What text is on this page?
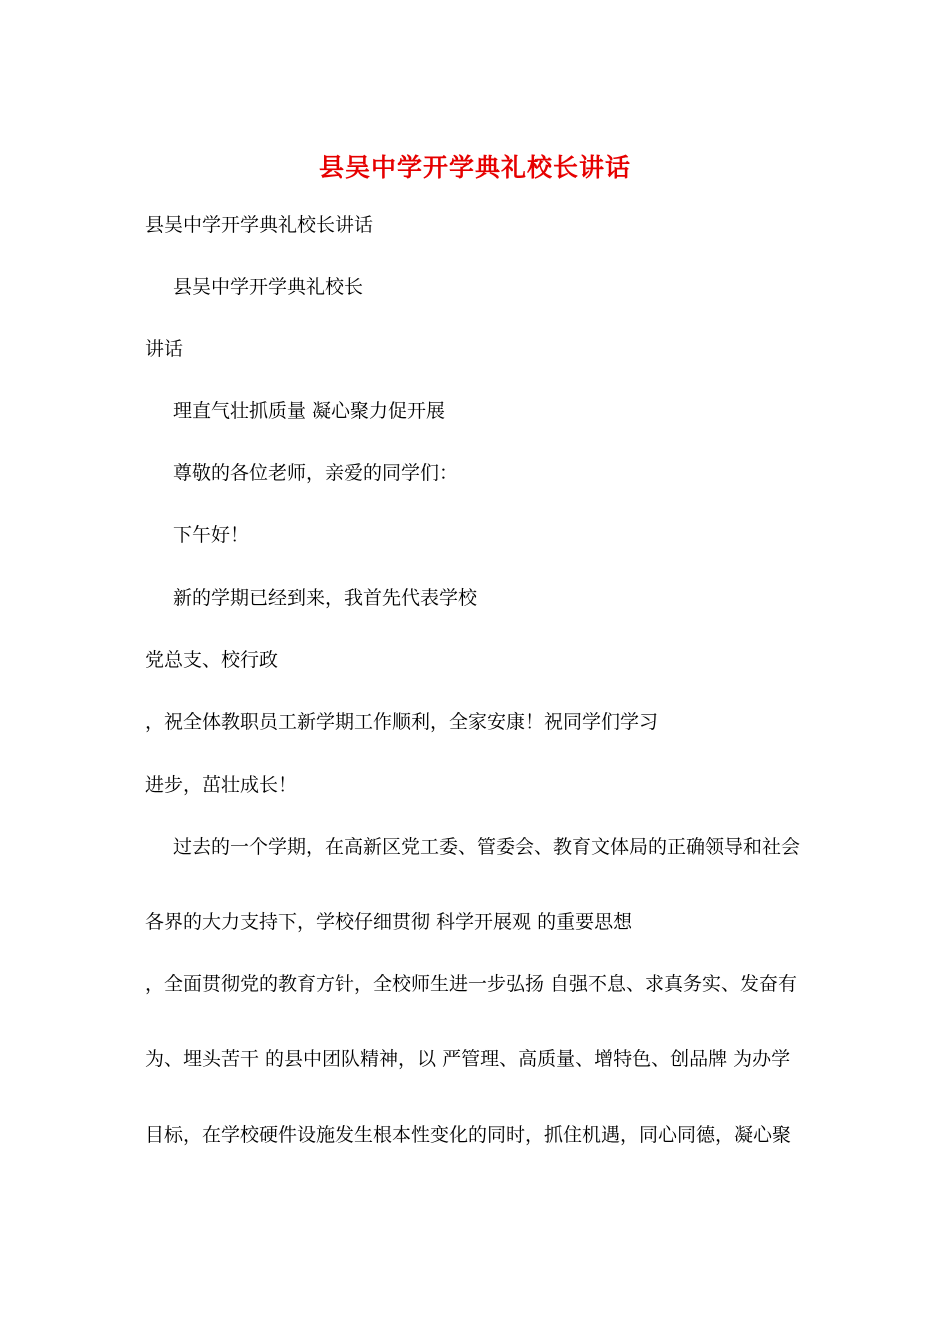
县吴中学开学典礼校长讲话
县吴中学开学典礼校长讲话
县吴中学开学典礼校长
讲话
理直气壮抓质量 凝心聚力促开展
尊敬的各位老师，亲爱的同学们：
下午好！
新的学期已经到来，我首先代表学校
党总支、校行政
，祝全体教职员工新学期工作顺利，全家安康！祝同学们学习
进步，茁壮成长！
过去的一个学期，在高新区党工委、管委会、教育文体局的正确领导和社会
各界的大力支持下，学校仔细贯彻 科学开展观 的重要思想
，全面贯彻党的教育方针，全校师生进一步弘扬 自强不息、求真务实、发奋有
为、埋头苦干 的县中团队精神，以 严管理、高质量、增特色、创品牌 为办学
目标，在学校硬件设施发生根本性变化的同时，抓住机遇，同心同德，凝心聚
